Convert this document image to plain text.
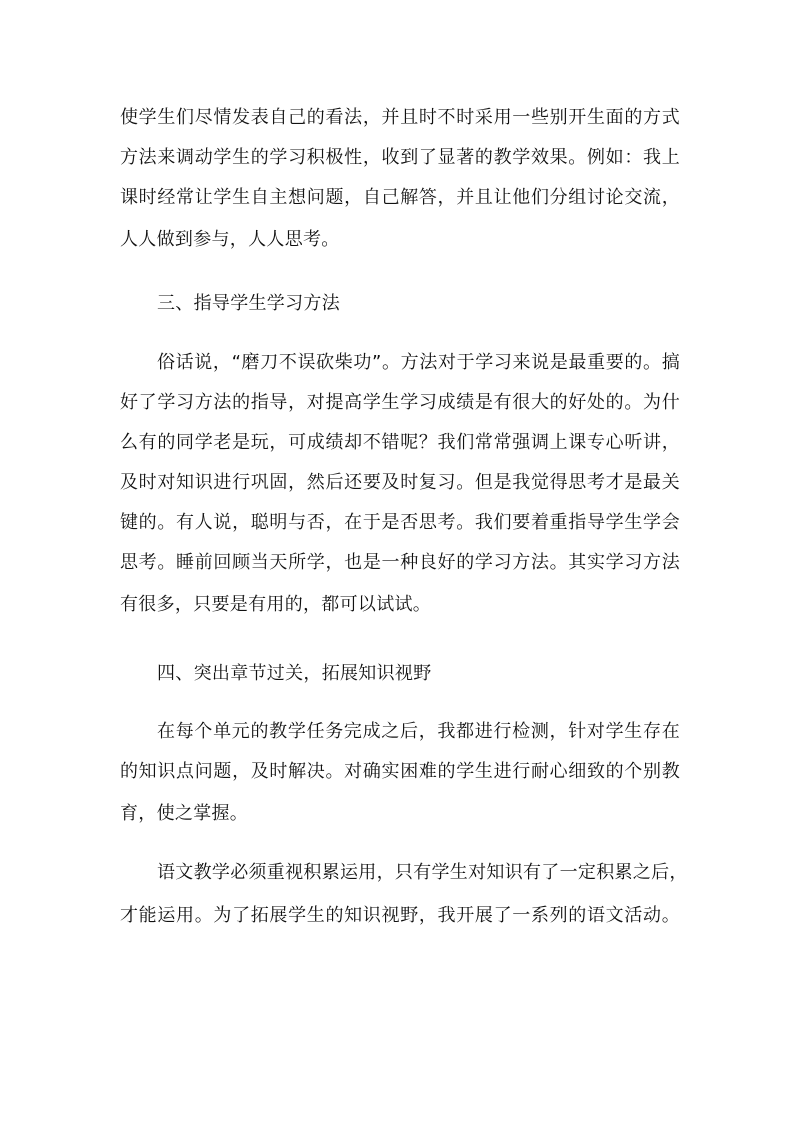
使学生们尽情发表自己的看法，并且时不时采用一些别开生面的方式
方法来调动学生的学习积极性，收到了显著的教学效果。例如：我上
课时经常让学生自主想问题，自己解答，并且让他们分组讨论交流，
人人做到参与，人人思考。
三、指导学生学习方法
俗话说，“磨刀不误砍柴功”。方法对于学习来说是最重要的。搞
好了学习方法的指导，对提高学生学习成绩是有很大的好处的。为什
么有的同学老是玩，可成绩却不错呢？我们常常强调上课专心听讲，
及时对知识进行巩固，然后还要及时复习。但是我觉得思考才是最关
键的。有人说，聪明与否，在于是否思考。我们要着重指导学生学会
思考。睡前回顾当天所学，也是一种良好的学习方法。其实学习方法
有很多，只要是有用的，都可以试试。
四、突出章节过关，拓展知识视野
在每个单元的教学任务完成之后，我都进行检测，针对学生存在
的知识点问题，及时解决。对确实困难的学生进行耐心细致的个别教
育，使之掌握。
语文教学必须重视积累运用，只有学生对知识有了一定积累之后，
才能运用。为了拓展学生的知识视野，我开展了一系列的语文活动。
